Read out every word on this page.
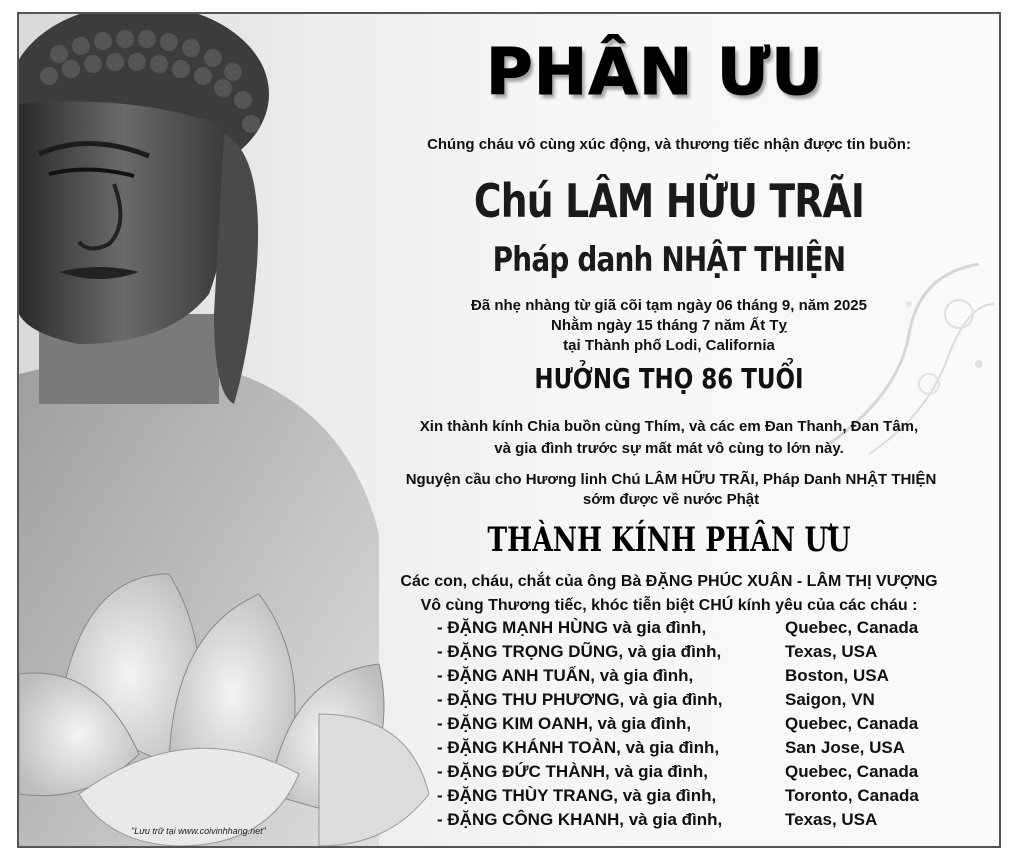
PHÂN ƯU
Chúng cháu vô cùng xúc động, và thương tiếc nhận được tin buồn:
Chú LÂM HỮU TRÃI
Pháp danh NHẬT THIỆN
Đã nhẹ nhàng từ giã cõi tạm ngày 06 tháng 9, năm 2025
Nhằm ngày 15 tháng 7 năm Ất Tỵ
tại Thành phố Lodi, California
HƯỞNG THỌ 86 TUỔI
Xin thành kính Chia buồn cùng Thím, và các em Đan Thanh, Đan Tâm,
và gia đình trước sự mất mát vô cùng to lớn này.
Nguyện cầu cho Hương linh Chú LÂM HỮU TRÃI, Pháp Danh NHẬT THIỆN
sớm được về nước Phật
THÀNH KÍNH PHÂN ƯU
Các con, cháu, chắt của ông Bà ĐẶNG PHÚC XUÂN - LÂM THỊ VƯỢNG
Vô cùng Thương tiếc, khóc tiễn biệt CHÚ kính yêu của các cháu :
- ĐẶNG MẠNH HÙNG và gia đình,	Quebec, Canada
- ĐẶNG TRỌNG DŨNG, và gia đình,	Texas, USA
- ĐẶNG ANH TUẤN, và gia đình,	Boston, USA
- ĐẶNG THU PHƯƠNG, và gia đình,	Saigon, VN
- ĐẶNG KIM OANH, và gia đình,	Quebec, Canada
- ĐẶNG KHÁNH TOÀN, và gia đình,	San Jose, USA
- ĐẶNG ĐỨC THÀNH, và gia đình,	Quebec, Canada
- ĐẶNG THÙY TRANG, và gia đình,	Toronto, Canada
- ĐẶNG CÔNG KHANH, và gia đình,	Texas, USA
"Lưu trữ tại www.coivinhhang.net"
